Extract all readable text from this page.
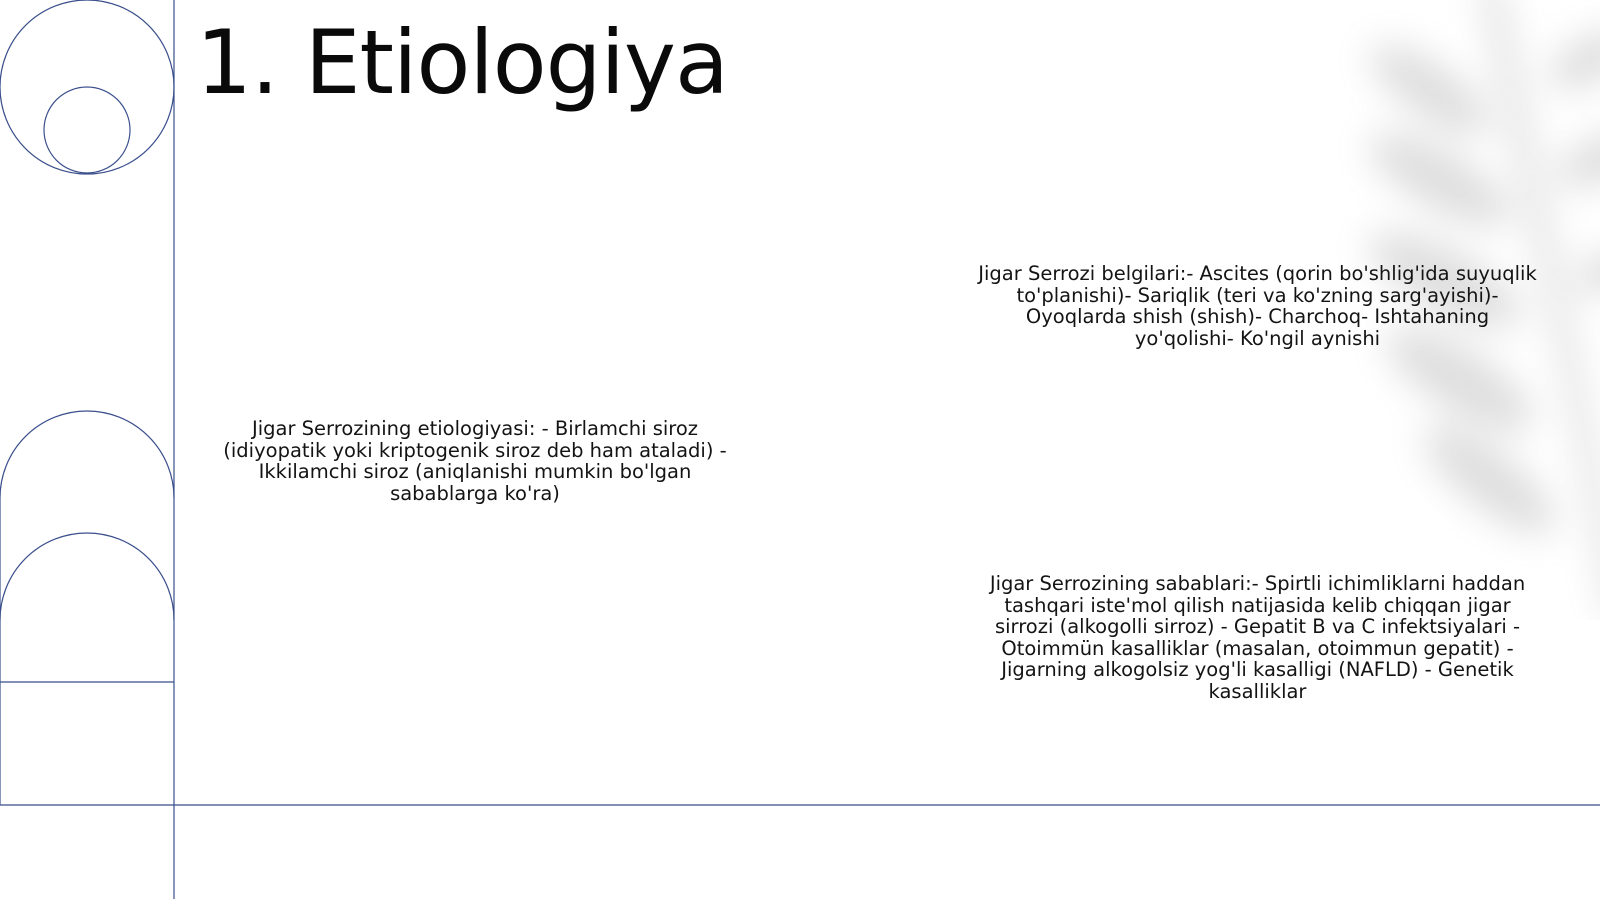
1. Etiologiya

Jigar Serrozi belgilari:- Ascites (qorin bo'shlig'ida suyuqlik to'planishi)- Sariqlik (teri va ko'zning sarg'ayishi)- Oyoqlarda shish (shish)- Charchoq- Ishtahaning yo'qolishi- Ko'ngil aynishi

Jigar Serrozining etiologiyasi: - Birlamchi siroz (idiyopatik yoki kriptogenik siroz deb ham ataladi) - Ikkilamchi siroz (aniqlanishi mumkin bo'lgan sabablarga ko'ra)

Jigar Serrozining sabablari:- Spirtli ichimliklarni haddan tashqari iste'mol qilish natijasida kelib chiqqan jigar sirrozi (alkogolli sirroz) - Gepatit B va C infektsiyalari - Otoimmün kasalliklar (masalan, otoimmun gepatit) - Jigarning alkogolsiz yog'li kasalligi (NAFLD) - Genetik kasalliklar
